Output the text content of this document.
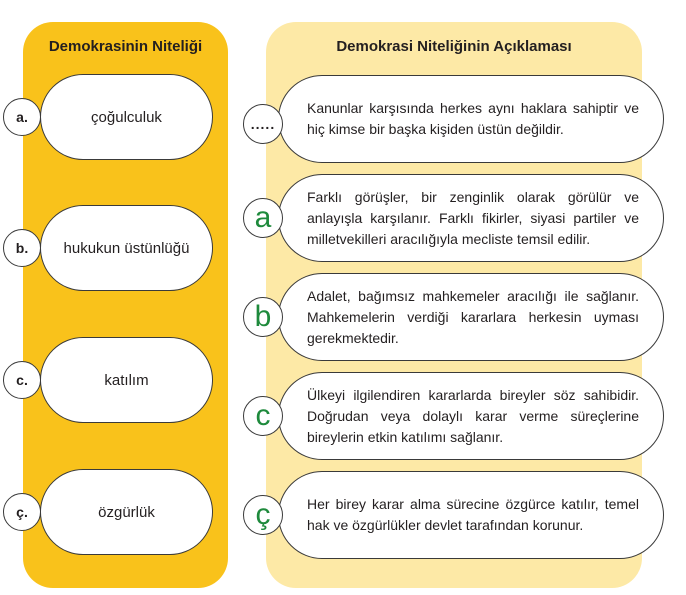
Demokrasinin Niteliği	Demokrasi Niteliğinin Açıklaması
çoğulculuk
a.
hukukun üstünlüğü
b.
katılım
c.
özgürlük
ç.
Kanunlar karşısında herkes aynı haklara sahiptir ve hiç kimse bir başka kişiden üstün değildir.
.....
Farklı görüşler, bir zenginlik olarak görülür ve anlayışla karşılanır. Farklı fikirler, siyasi partiler ve milletvekilleri aracılığıyla mecliste temsil edilir.
a
Adalet, bağımsız mahkemeler aracılığı ile sağlanır. Mahkemelerin verdiği kararlara herkesin uyması gerekmektedir.
b
Ülkeyi ilgilendiren kararlarda bireyler söz sahibidir. Doğrudan veya dolaylı karar verme süreçlerine bireylerin etkin katılımı sağlanır.
c
Her birey karar alma sürecine özgürce katılır, temel hak ve özgürlükler devlet tarafından korunur.
ç
